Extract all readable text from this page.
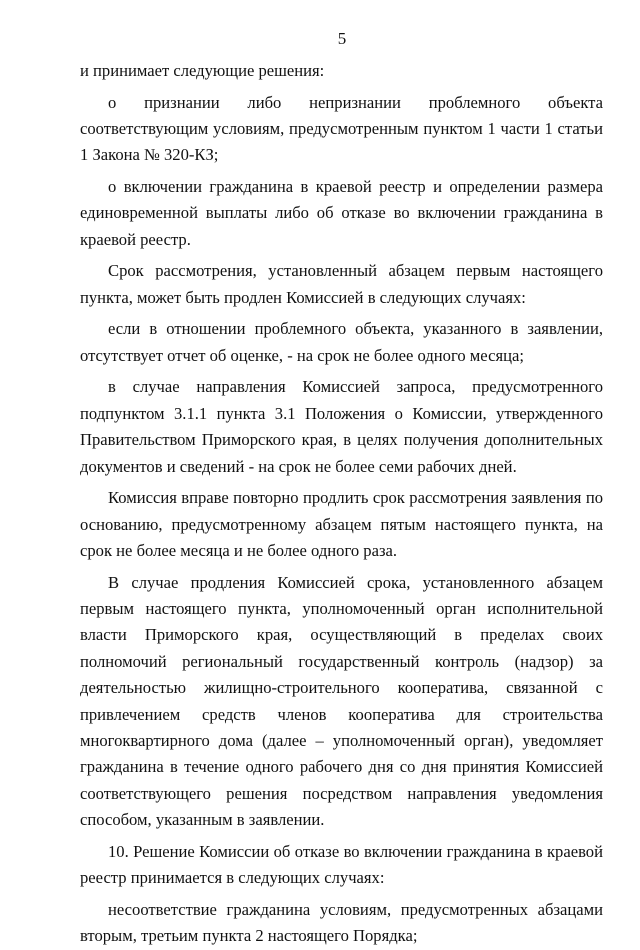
5

и принимает следующие решения:

о признании либо непризнании проблемного объекта соответствующим условиям, предусмотренным пунктом 1 части 1 статьи 1 Закона № 320-КЗ;

о включении гражданина в краевой реестр и определении размера единовременной выплаты либо об отказе во включении гражданина в краевой реестр.

Срок рассмотрения, установленный абзацем первым настоящего пункта, может быть продлен Комиссией в следующих случаях:

если в отношении проблемного объекта, указанного в заявлении, отсутствует отчет об оценке, - на срок не более одного месяца;

в случае направления Комиссией запроса, предусмотренного подпунктом 3.1.1 пункта 3.1 Положения о Комиссии, утвержденного Правительством Приморского края, в целях получения дополнительных документов и сведений - на срок не более семи рабочих дней.

Комиссия вправе повторно продлить срок рассмотрения заявления по основанию, предусмотренному абзацем пятым настоящего пункта, на срок не более месяца и не более одного раза.

В случае продления Комиссией срока, установленного абзацем первым настоящего пункта, уполномоченный орган исполнительной власти Приморского края, осуществляющий в пределах своих полномочий региональный государственный контроль (надзор) за деятельностью жилищно-строительного кооператива, связанной с привлечением средств членов кооператива для строительства многоквартирного дома (далее – уполномоченный орган), уведомляет гражданина в течение одного рабочего дня со дня принятия Комиссией соответствующего решения посредством направления уведомления способом, указанным в заявлении.

10. Решение Комиссии об отказе во включении гражданина в краевой реестр принимается в следующих случаях:

несоответствие гражданина условиям, предусмотренных абзацами вторым, третьим пункта 2 настоящего Порядка;
